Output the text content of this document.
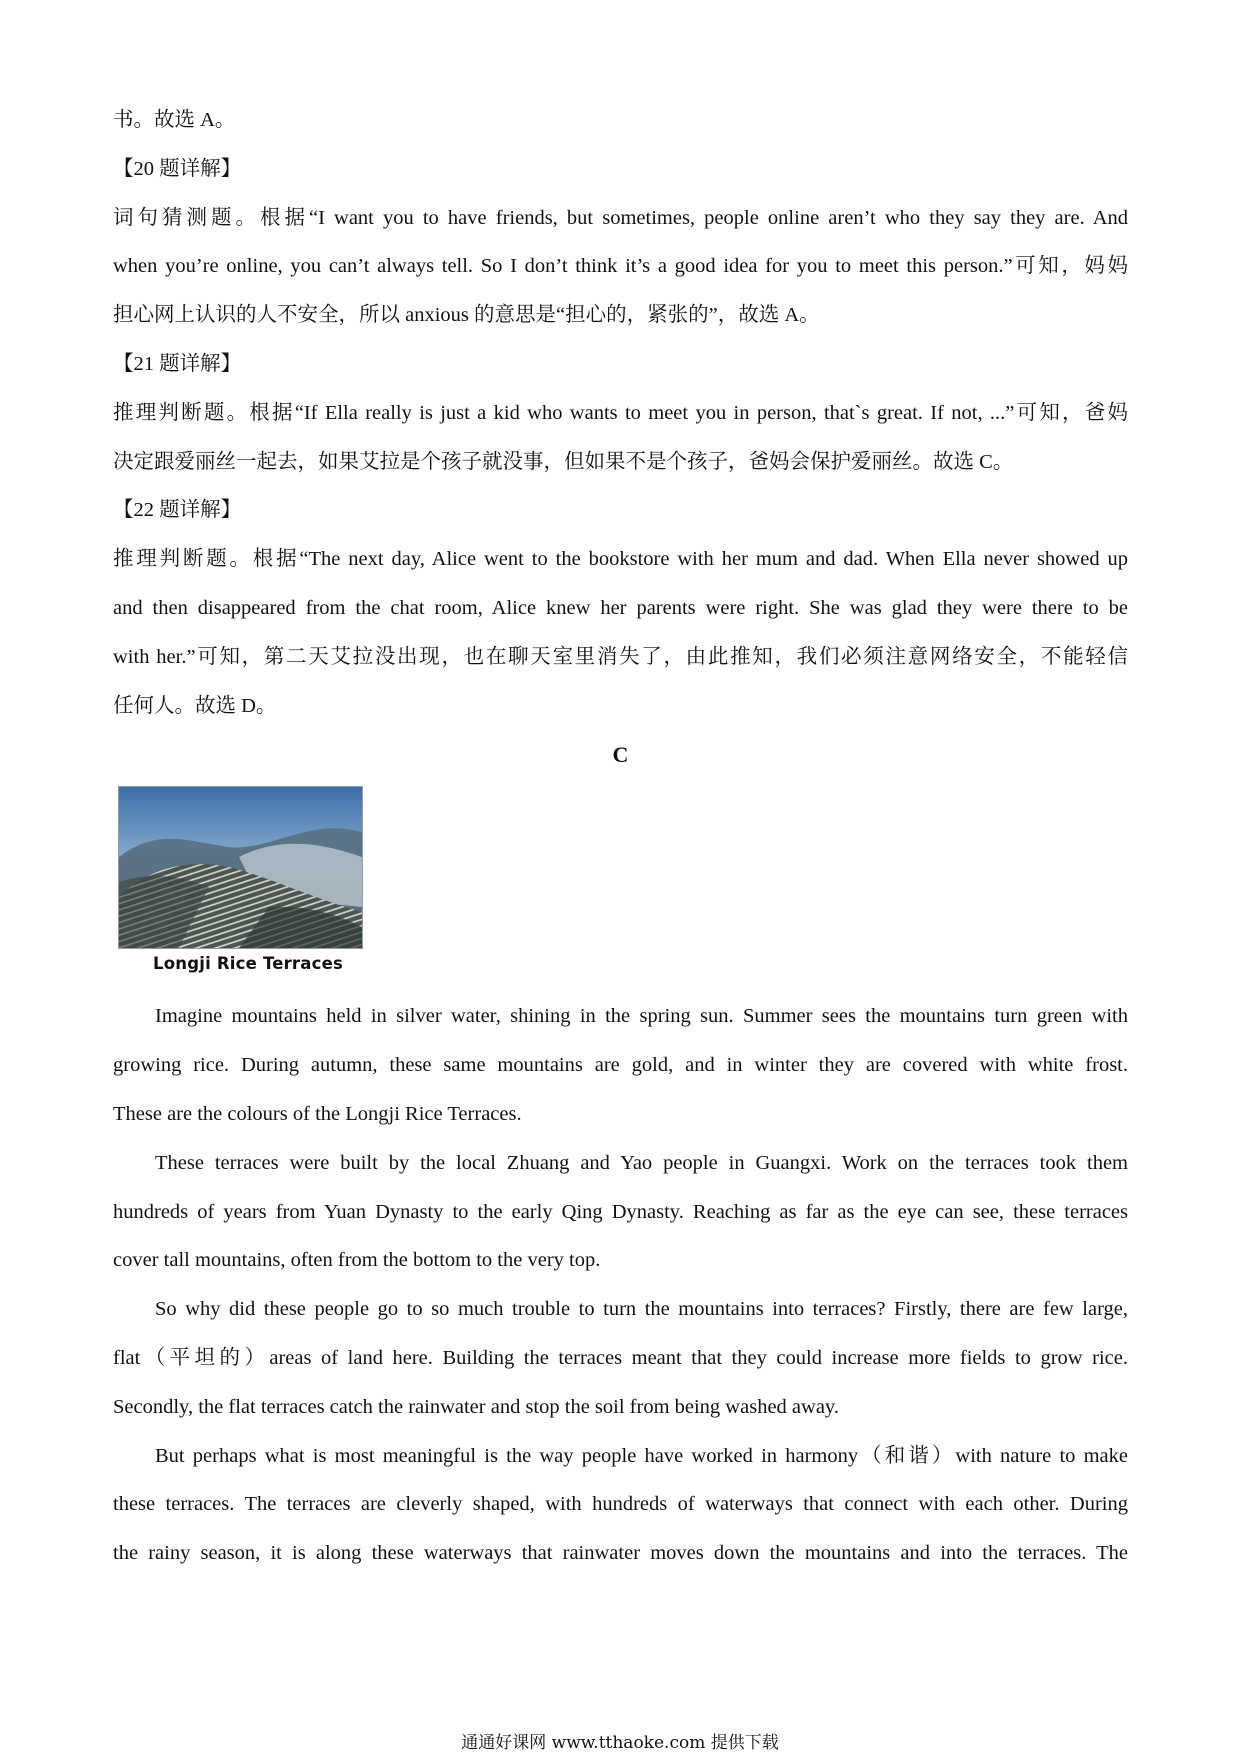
书。故选 A。

【20 题详解】

词句猜测题。根据“I want you to have friends, but sometimes, people online aren’t who they say they are. And

when you’re online, you can’t always tell. So I don’t think it’s a good idea for you to meet this person.”可知，妈妈

担心网上认识的人不安全，所以 anxious 的意思是“担心的，紧张的”，故选 A。

【21 题详解】

推理判断题。根据“If Ella really is just a kid who wants to meet you in person, that`s great. If not, ...”可知，爸妈

决定跟爱丽丝一起去，如果艾拉是个孩子就没事，但如果不是个孩子，爸妈会保护爱丽丝。故选 C。

【22 题详解】

推理判断题。根据“The next day, Alice went to the bookstore with her mum and dad. When Ella never showed up

and then disappeared from the chat room, Alice knew her parents were right. She was glad they were there to be

with her.”可知，第二天艾拉没出现，也在聊天室里消失了，由此推知，我们必须注意网络安全，不能轻信

任何人。故选 D。

C

Longji Rice Terraces

Imagine mountains held in silver water, shining in the spring sun. Summer sees the mountains turn green with

growing rice. During autumn, these same mountains are gold, and in winter they are covered with white frost.

These are the colours of the Longji Rice Terraces.

These terraces were built by the local Zhuang and Yao people in Guangxi. Work on the terraces took them

hundreds of years from Yuan Dynasty to the early Qing Dynasty. Reaching as far as the eye can see, these terraces

cover tall mountains, often from the bottom to the very top.

So why did these people go to so much trouble to turn the mountains into terraces? Firstly, there are few large,

flat（平坦的）areas of land here. Building the terraces meant that they could increase more fields to grow rice.

Secondly, the flat terraces catch the rainwater and stop the soil from being washed away.

But perhaps what is most meaningful is the way people have worked in harmony（和谐）with nature to make

these terraces. The terraces are cleverly shaped, with hundreds of waterways that connect with each other. During

the rainy season, it is along these waterways that rainwater moves down the mountains and into the terraces. The

通通好课网 www.tthaoke.com 提供下载
